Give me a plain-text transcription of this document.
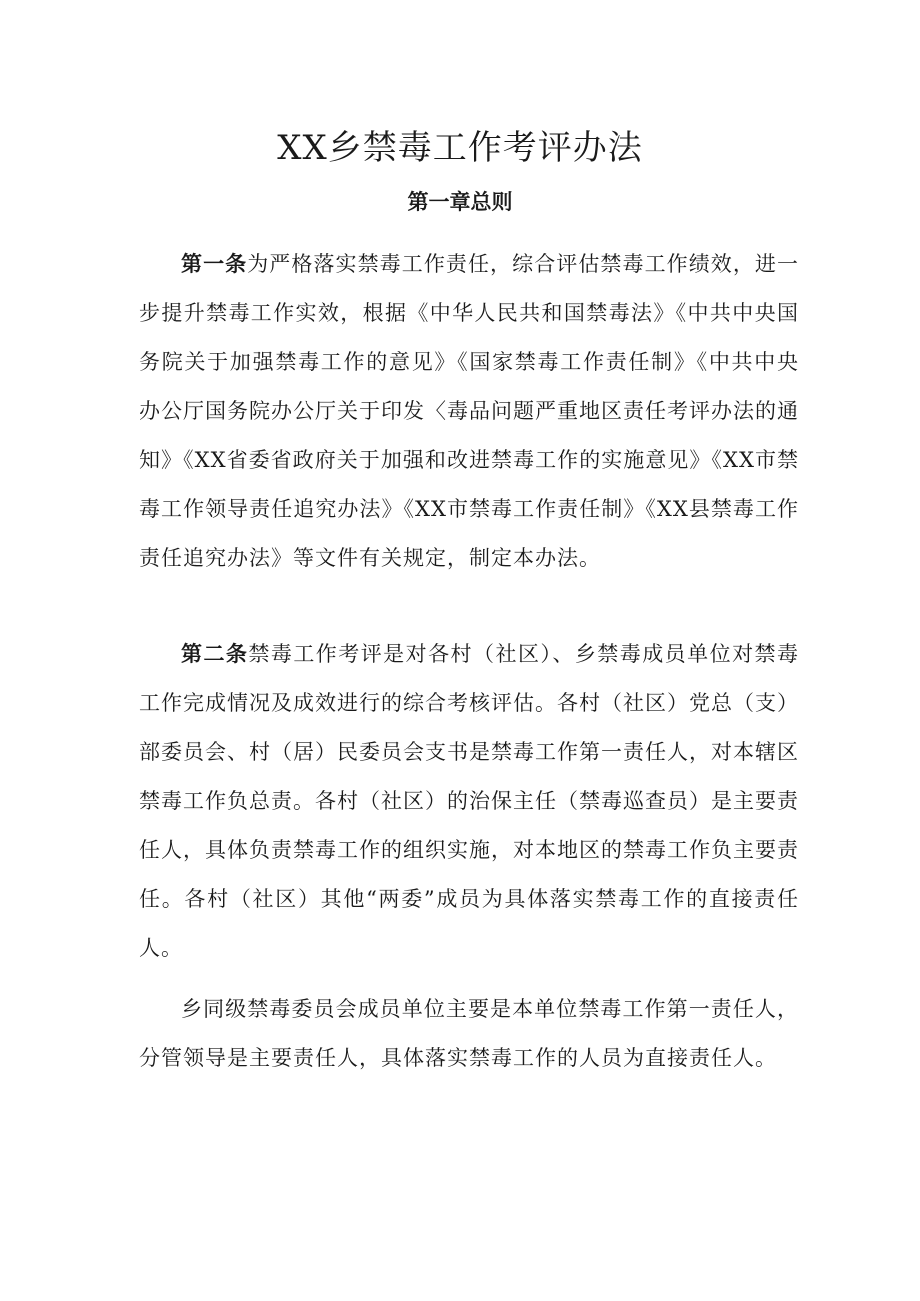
XX乡禁毒工作考评办法
第一章总则

第一条为严格落实禁毒工作责任，综合评估禁毒工作绩效，进一步提升禁毒工作实效，根据《中华人民共和国禁毒法》《中共中央国务院关于加强禁毒工作的意见》《国家禁毒工作责任制》《中共中央办公厅国务院办公厅关于印发〈毒品问题严重地区责任考评办法的通知》《XX省委省政府关于加强和改进禁毒工作的实施意见》《XX市禁毒工作领导责任追究办法》《XX市禁毒工作责任制》《XX县禁毒工作责任追究办法》等文件有关规定，制定本办法。

第二条禁毒工作考评是对各村（社区）、乡禁毒成员单位对禁毒工作完成情况及成效进行的综合考核评估。各村（社区）党总（支）部委员会、村（居）民委员会支书是禁毒工作第一责任人，对本辖区禁毒工作负总责。各村（社区）的治保主任（禁毒巡查员）是主要责任人，具体负责禁毒工作的组织实施，对本地区的禁毒工作负主要责任。各村（社区）其他“两委”成员为具体落实禁毒工作的直接责任人。

乡同级禁毒委员会成员单位主要是本单位禁毒工作第一责任人，分管领导是主要责任人，具体落实禁毒工作的人员为直接责任人。
